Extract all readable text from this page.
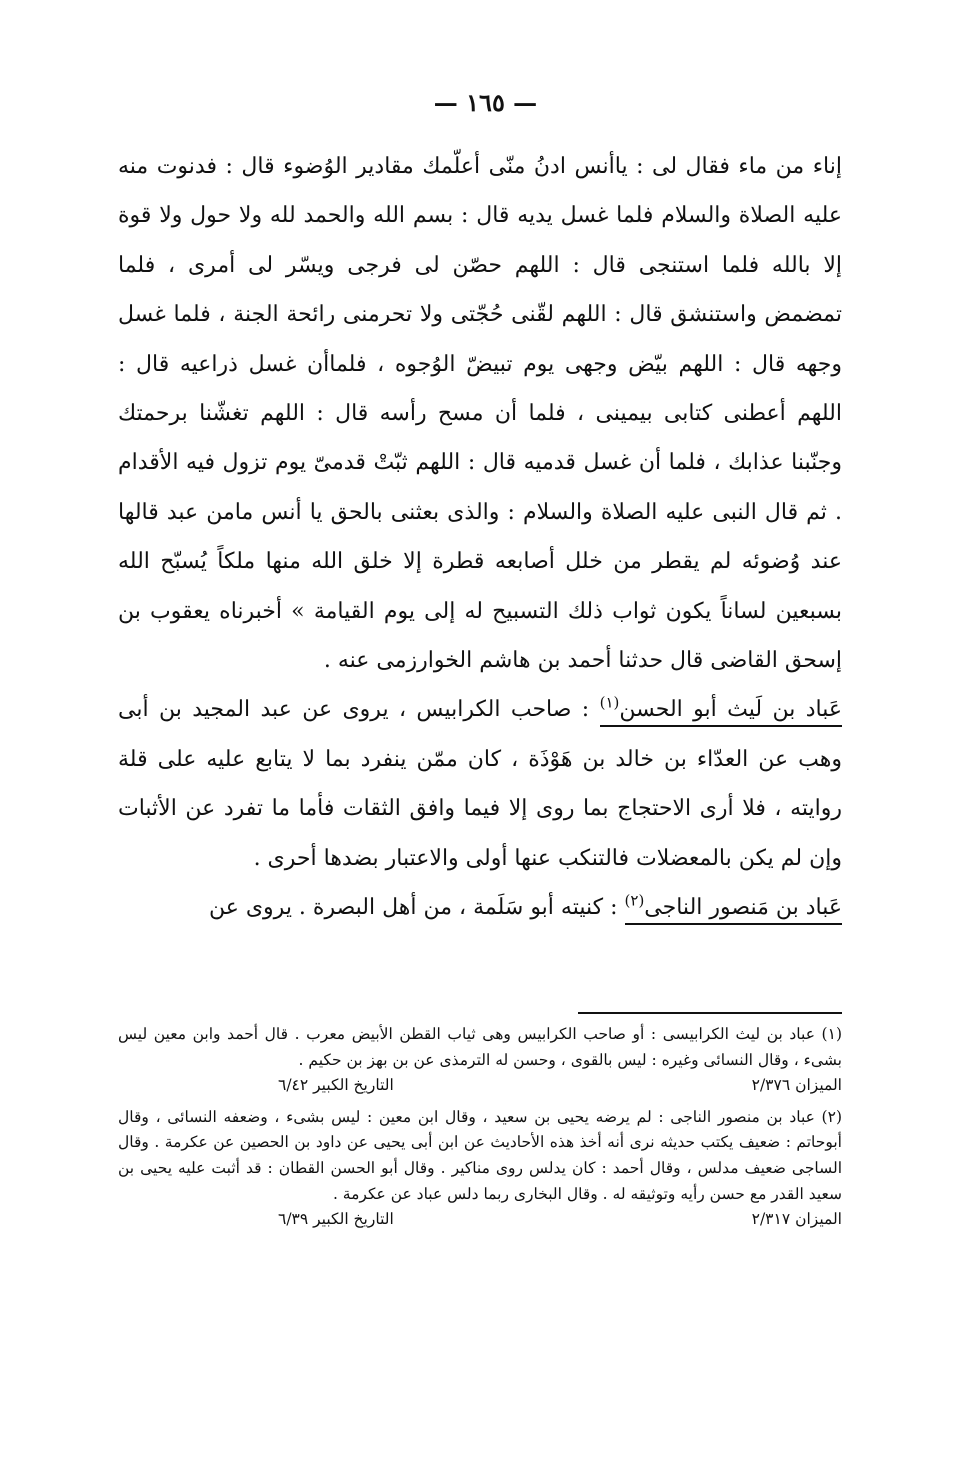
— ١٦٥ —

إناء من ماء فقال لى : ياأنس ادنُ منّى أعلّمك مقادير الوُضوء قال : فدنوت منه عليه الصلاة والسلام فلما غسل يديه قال : بسم الله والحمد لله ولا حول ولا قوة إلا بالله فلما استنجى قال : اللهم حصّن لى فرجى ويسّر لى أمرى ، فلما تمضمض واستنشق قال : اللهم لقّنى حُجّتى ولا تحرمنى رائحة الجنة ، فلما غسل وجهه قال : اللهم بيّض وجهى يوم تبيضّ الوُجوه ، فلماأن غسل ذراعيه قال : اللهم أعطنى كتابى بيمينى ، فلما أن مسح رأسه قال : اللهم تغشّنا برحمتك وجنّبنا عذابك ، فلما أن غسل قدميه قال : اللهم ثبّتْ قدمىّ يوم تزول فيه الأقدام . ثم قال النبى عليه الصلاة والسلام : والذى بعثنى بالحق يا أنس مامن عبد قالها عند وُضوئه لم يقطر من خلل أصابعه قطرة إلا خلق الله منها ملكاً يُسبّح الله بسبعين لساناً يكون ثواب ذلك التسبيح له إلى يوم القيامة » أخبرناه يعقوب بن إسحق القاضى قال حدثنا أحمد بن هاشم الخوارزمى عنه .

عَباد بن لَيث أبو الحسن$^{(١)}$ : صاحب الكرابيس ، يروى عن عبد المجيد بن أبى وهب عن العدّاء بن خالد بن هَوْذَة ، كان ممّن ينفرد بما لا يتابع عليه على قلة روايته ، فلا أرى الاحتجاج بما روى إلا فيما وافق الثقات فأما ما تفرد عن الأثبات وإن لم يكن بالمعضلات فالتنكب عنها أولى والاعتبار بضدها أحرى .

عَباد بن مَنصور الناجى$^{(٢)}$ : كنيته أبو سَلَمة ، من أهل البصرة . يروى عن

(١) عباد بن ليث الكرابيسى : أو صاحب الكرابيس وهى ثياب القطن الأبيض معرب . قال أحمد وابن معين ليس بشىء ، وقال النسائى وغيره : ليس بالقوى ، وحسن له الترمذى عن بن بهز بن حكيم .

الميزان ٢/٣٧٦
التاريخ الكبير ٦/٤٢

(٢) عباد بن منصور الناجى : لم يرضه يحيى بن سعيد ، وقال ابن معين : ليس بشىء ، وضعفه النسائى ، وقال أبوحاتم : ضعيف يكتب حديثه نرى أنه أخذ هذه الأحاديث عن ابن أبى يحيى عن داود بن الحصين عن عكرمة . وقال الساجى ضعيف مدلس ، وقال أحمد : كان يدلس روى مناكير . وقال أبو الحسن القطان : قد أثبت عليه يحيى بن سعيد القدر مع حسن رأيه وتوثيقه له . وقال البخارى ربما دلس عباد عن عكرمة .

الميزان ٢/٣١٧
التاريخ الكبير ٦/٣٩
